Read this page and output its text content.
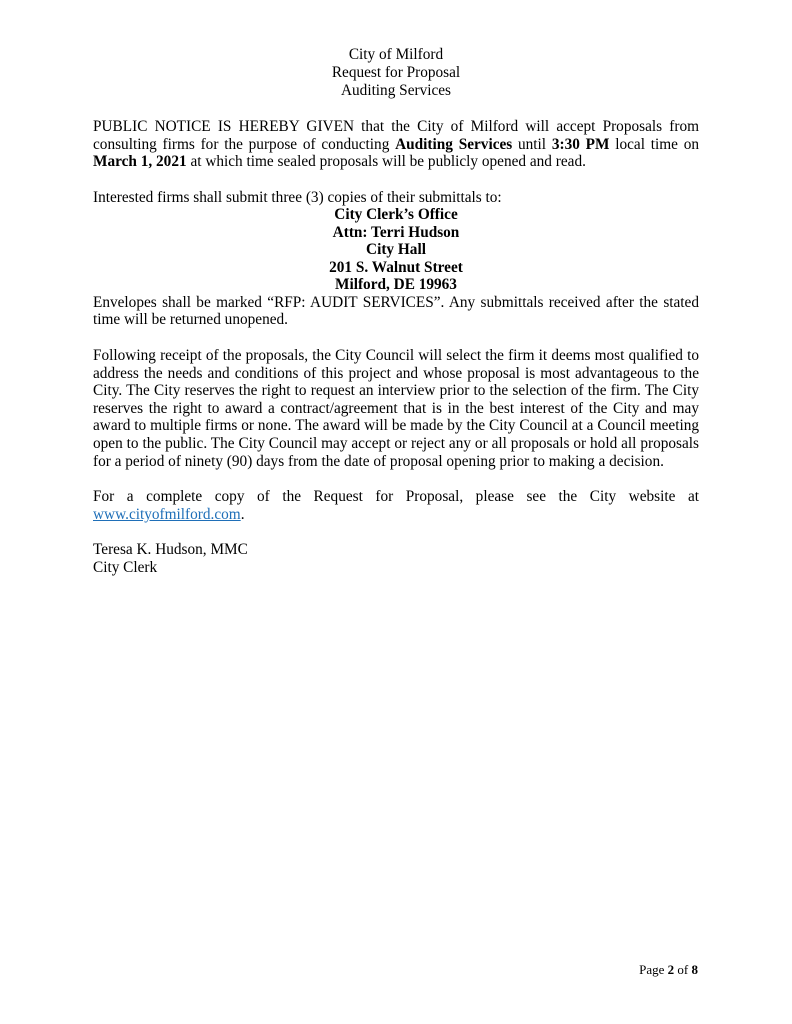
City of Milford
Request for Proposal
Auditing Services

PUBLIC NOTICE IS HEREBY GIVEN that the City of Milford will accept Proposals from consulting firms for the purpose of conducting Auditing Services until 3:30 PM local time on March 1, 2021 at which time sealed proposals will be publicly opened and read.

Interested firms shall submit three (3) copies of their submittals to:

City Clerk’s Office
Attn: Terri Hudson
City Hall
201 S. Walnut Street
Milford, DE 19963

Envelopes shall be marked “RFP: AUDIT SERVICES”. Any submittals received after the stated time will be returned unopened.

Following receipt of the proposals, the City Council will select the firm it deems most qualified to address the needs and conditions of this project and whose proposal is most advantageous to the City. The City reserves the right to request an interview prior to the selection of the firm. The City reserves the right to award a contract/agreement that is in the best interest of the City and may award to multiple firms or none. The award will be made by the City Council at a Council meeting open to the public. The City Council may accept or reject any or all proposals or hold all proposals for a period of ninety (90) days from the date of proposal opening prior to making a decision.

For a complete copy of the Request for Proposal, please see the City website at www.cityofmilford.com.

Teresa K. Hudson, MMC
City Clerk
Page 2 of 8
